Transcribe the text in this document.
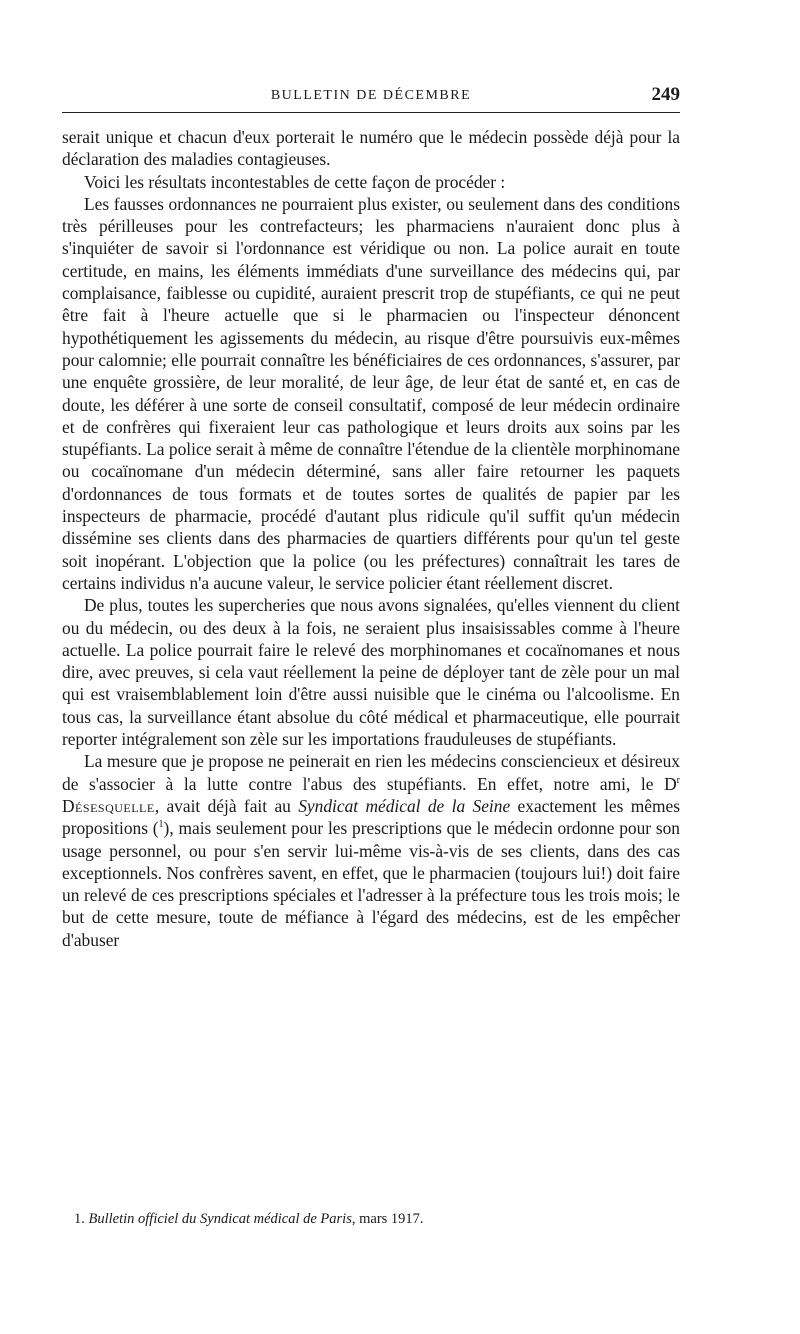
BULLETIN DE DÉCEMBRE	249

serait unique et chacun d'eux porterait le numéro que le médecin possède déjà pour la déclaration des maladies contagieuses.

Voici les résultats incontestables de cette façon de procéder :

Les fausses ordonnances ne pourraient plus exister, ou seulement dans des conditions très périlleuses pour les contrefacteurs; les pharmaciens n'auraient donc plus à s'inquiéter de savoir si l'ordonnance est véridique ou non. La police aurait en toute certitude, en mains, les éléments immédiats d'une surveillance des médecins qui, par complaisance, faiblesse ou cupidité, auraient prescrit trop de stupéfiants, ce qui ne peut être fait à l'heure actuelle que si le pharmacien ou l'inspecteur dénoncent hypothétiquement les agissements du médecin, au risque d'être poursuivis eux-mêmes pour calomnie; elle pourrait connaître les bénéficiaires de ces ordonnances, s'assurer, par une enquête grossière, de leur moralité, de leur âge, de leur état de santé et, en cas de doute, les déférer à une sorte de conseil consultatif, composé de leur médecin ordinaire et de confrères qui fixeraient leur cas pathologique et leurs droits aux soins par les stupéfiants. La police serait à même de connaître l'étendue de la clientèle morphinomane ou cocaïnomane d'un médecin déterminé, sans aller faire retourner les paquets d'ordonnances de tous formats et de toutes sortes de qualités de papier par les inspecteurs de pharmacie, procédé d'autant plus ridicule qu'il suffit qu'un médecin dissémine ses clients dans des pharmacies de quartiers différents pour qu'un tel geste soit inopérant. L'objection que la police (ou les préfectures) connaîtrait les tares de certains individus n'a aucune valeur, le service policier étant réellement discret.

De plus, toutes les supercheries que nous avons signalées, qu'elles viennent du client ou du médecin, ou des deux à la fois, ne seraient plus insaisissables comme à l'heure actuelle. La police pourrait faire le relevé des morphinomanes et cocaïnomanes et nous dire, avec preuves, si cela vaut réellement la peine de déployer tant de zèle pour un mal qui est vraisemblablement loin d'être aussi nuisible que le cinéma ou l'alcoolisme. En tous cas, la surveillance étant absolue du côté médical et pharmaceutique, elle pourrait reporter intégralement son zèle sur les importations frauduleuses de stupéfiants.

La mesure que je propose ne peinerait en rien les médecins consciencieux et désireux de s'associer à la lutte contre l'abus des stupéfiants. En effet, notre ami, le $D^r$ Désesquelle, avait déjà fait au Syndicat médical de la Seine exactement les mêmes propositions ($^1$), mais seulement pour les prescriptions que le médecin ordonne pour son usage personnel, ou pour s'en servir lui-même vis-à-vis de ses clients, dans des cas exceptionnels. Nos confrères savent, en effet, que le pharmacien (toujours lui!) doit faire un relevé de ces prescriptions spéciales et l'adresser à la préfecture tous les trois mois; le but de cette mesure, toute de méfiance à l'égard des médecins, est de les empêcher d'abuser

1. Bulletin officiel du Syndicat médical de Paris, mars 1917.
